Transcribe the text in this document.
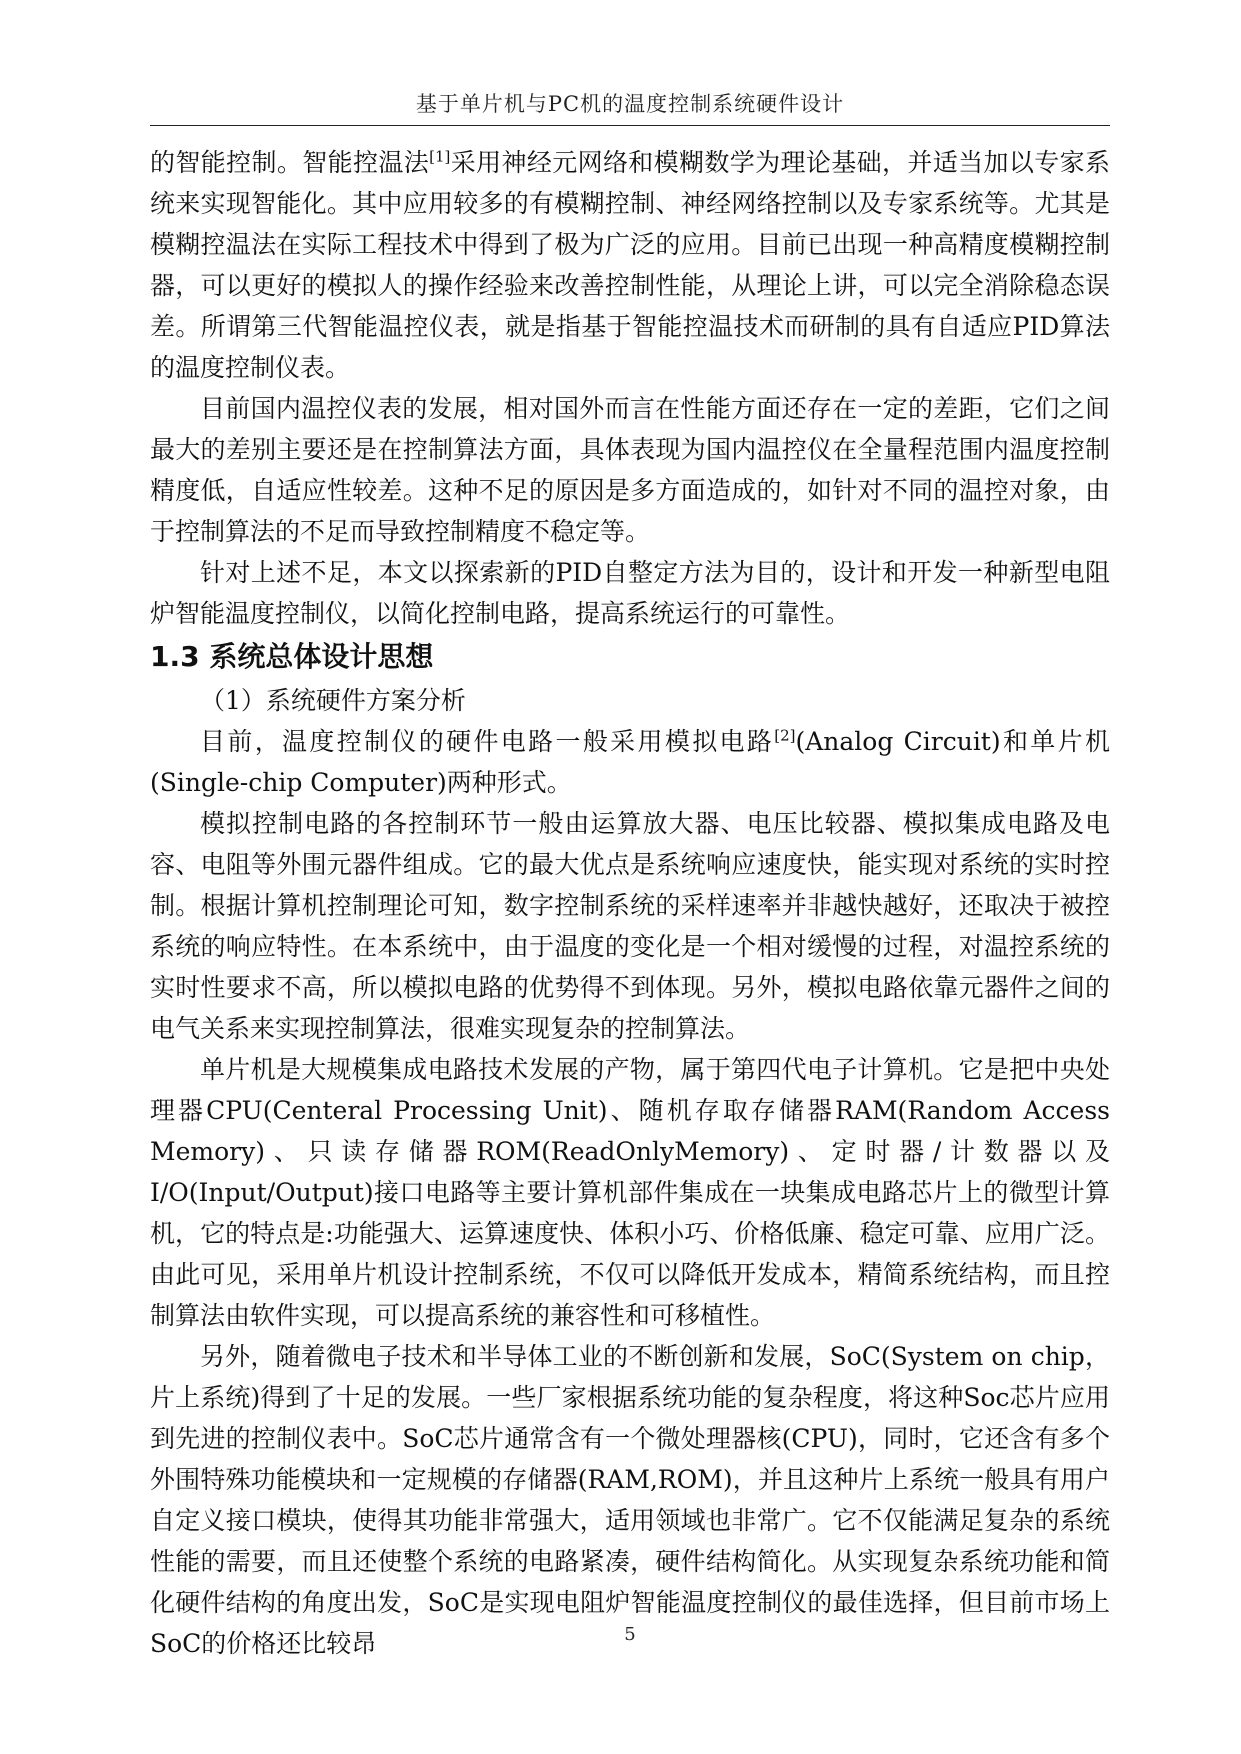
基于单片机与PC机的温度控制系统硬件设计

的智能控制。智能控温法[1]采用神经元网络和模糊数学为理论基础，并适当加以专家系统来实现智能化。其中应用较多的有模糊控制、神经网络控制以及专家系统等。尤其是模糊控温法在实际工程技术中得到了极为广泛的应用。目前已出现一种高精度模糊控制器，可以更好的模拟人的操作经验来改善控制性能，从理论上讲，可以完全消除稳态误差。所谓第三代智能温控仪表，就是指基于智能控温技术而研制的具有自适应PID算法的温度控制仪表。

目前国内温控仪表的发展，相对国外而言在性能方面还存在一定的差距，它们之间最大的差别主要还是在控制算法方面，具体表现为国内温控仪在全量程范围内温度控制精度低，自适应性较差。这种不足的原因是多方面造成的，如针对不同的温控对象，由于控制算法的不足而导致控制精度不稳定等。

针对上述不足，本文以探索新的PID自整定方法为目的，设计和开发一种新型电阻炉智能温度控制仪，以简化控制电路，提高系统运行的可靠性。

1.3 系统总体设计思想

（1）系统硬件方案分析

目前，温度控制仪的硬件电路一般采用模拟电路[2](Analog Circuit)和单片机(Single-chip Computer)两种形式。

模拟控制电路的各控制环节一般由运算放大器、电压比较器、模拟集成电路及电容、电阻等外围元器件组成。它的最大优点是系统响应速度快，能实现对系统的实时控制。根据计算机控制理论可知，数字控制系统的采样速率并非越快越好，还取决于被控系统的响应特性。在本系统中，由于温度的变化是一个相对缓慢的过程，对温控系统的实时性要求不高，所以模拟电路的优势得不到体现。另外，模拟电路依靠元器件之间的电气关系来实现控制算法，很难实现复杂的控制算法。

单片机是大规模集成电路技术发展的产物，属于第四代电子计算机。它是把中央处理器CPU(Centeral Processing Unit)、随机存取存储器RAM(Random Access Memory)、只读存储器ROM(ReadOnlyMemory)、定时器/计数器以及I/O(Input/Output)接口电路等主要计算机部件集成在一块集成电路芯片上的微型计算机，它的特点是:功能强大、运算速度快、体积小巧、价格低廉、稳定可靠、应用广泛。由此可见，采用单片机设计控制系统，不仅可以降低开发成本，精简系统结构，而且控制算法由软件实现，可以提高系统的兼容性和可移植性。

另外，随着微电子技术和半导体工业的不断创新和发展，SoC(System on chip，片上系统)得到了十足的发展。一些厂家根据系统功能的复杂程度，将这种Soc芯片应用到先进的控制仪表中。SoC芯片通常含有一个微处理器核(CPU)，同时，它还含有多个外围特殊功能模块和一定规模的存储器(RAM,ROM)，并且这种片上系统一般具有用户自定义接口模块，使得其功能非常强大，适用领域也非常广。它不仅能满足复杂的系统性能的需要，而且还使整个系统的电路紧凑，硬件结构简化。从实现复杂系统功能和简化硬件结构的角度出发，SoC是实现电阻炉智能温度控制仪的最佳选择，但目前市场上SoC的价格还比较昂	5
